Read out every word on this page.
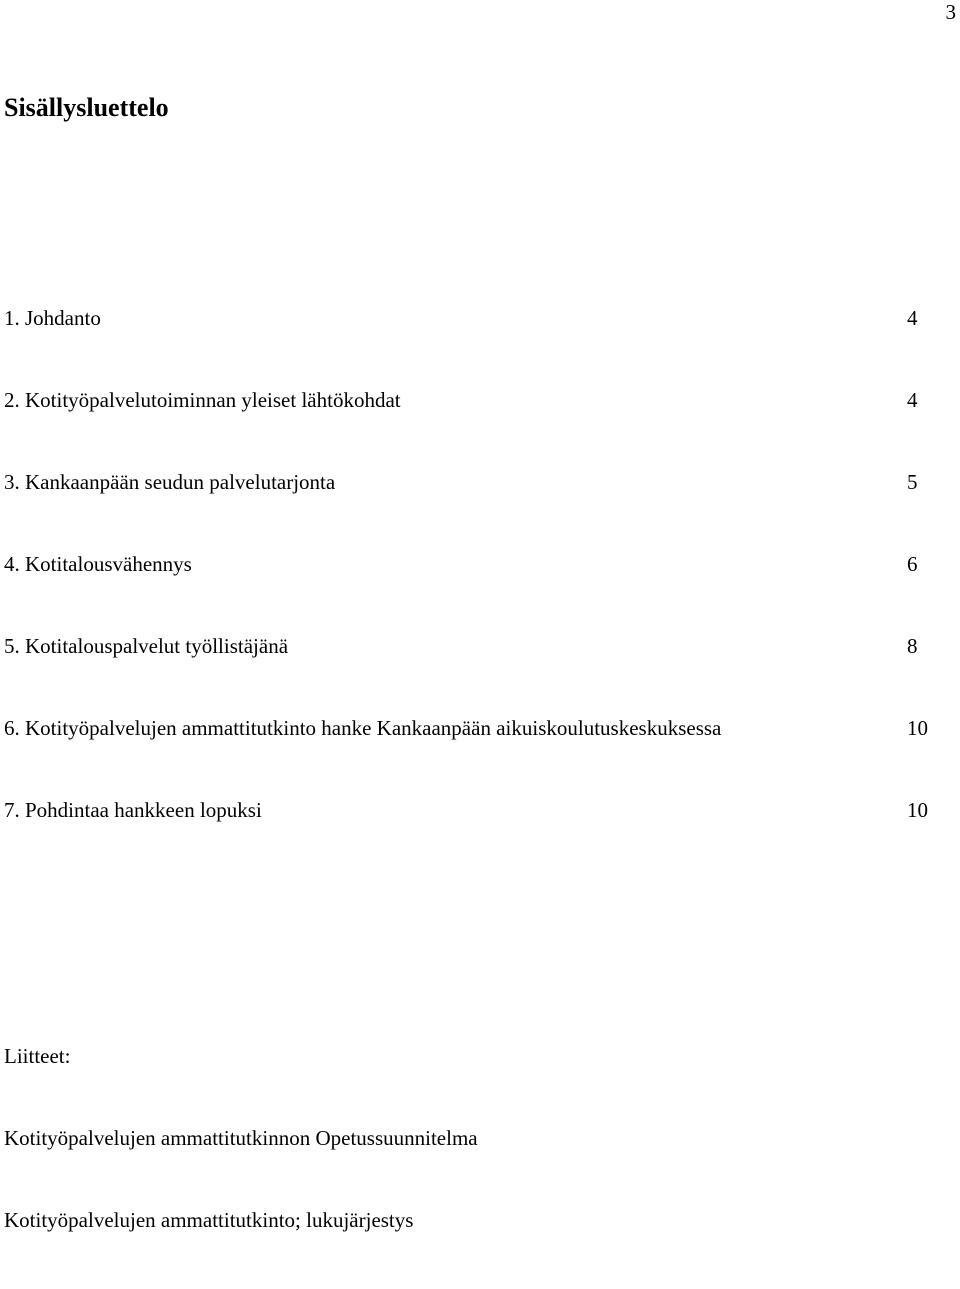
3
Sisällysluettelo
1. Johdanto	4
2. Kotityöpalvelutoiminnan yleiset lähtökohdat	4
3. Kankaanpään seudun palvelutarjonta	5
4. Kotitalousvähennys	6
5. Kotitalouspalvelut työllistäjänä	8
6. Kotityöpalvelujen ammattitutkinto hanke Kankaanpään aikuiskoulutuskeskuksessa	10
7. Pohdintaa hankkeen lopuksi	10
Liitteet:
Kotityöpalvelujen ammattitutkinnon Opetussuunnitelma
Kotityöpalvelujen ammattitutkinto; lukujärjestys
